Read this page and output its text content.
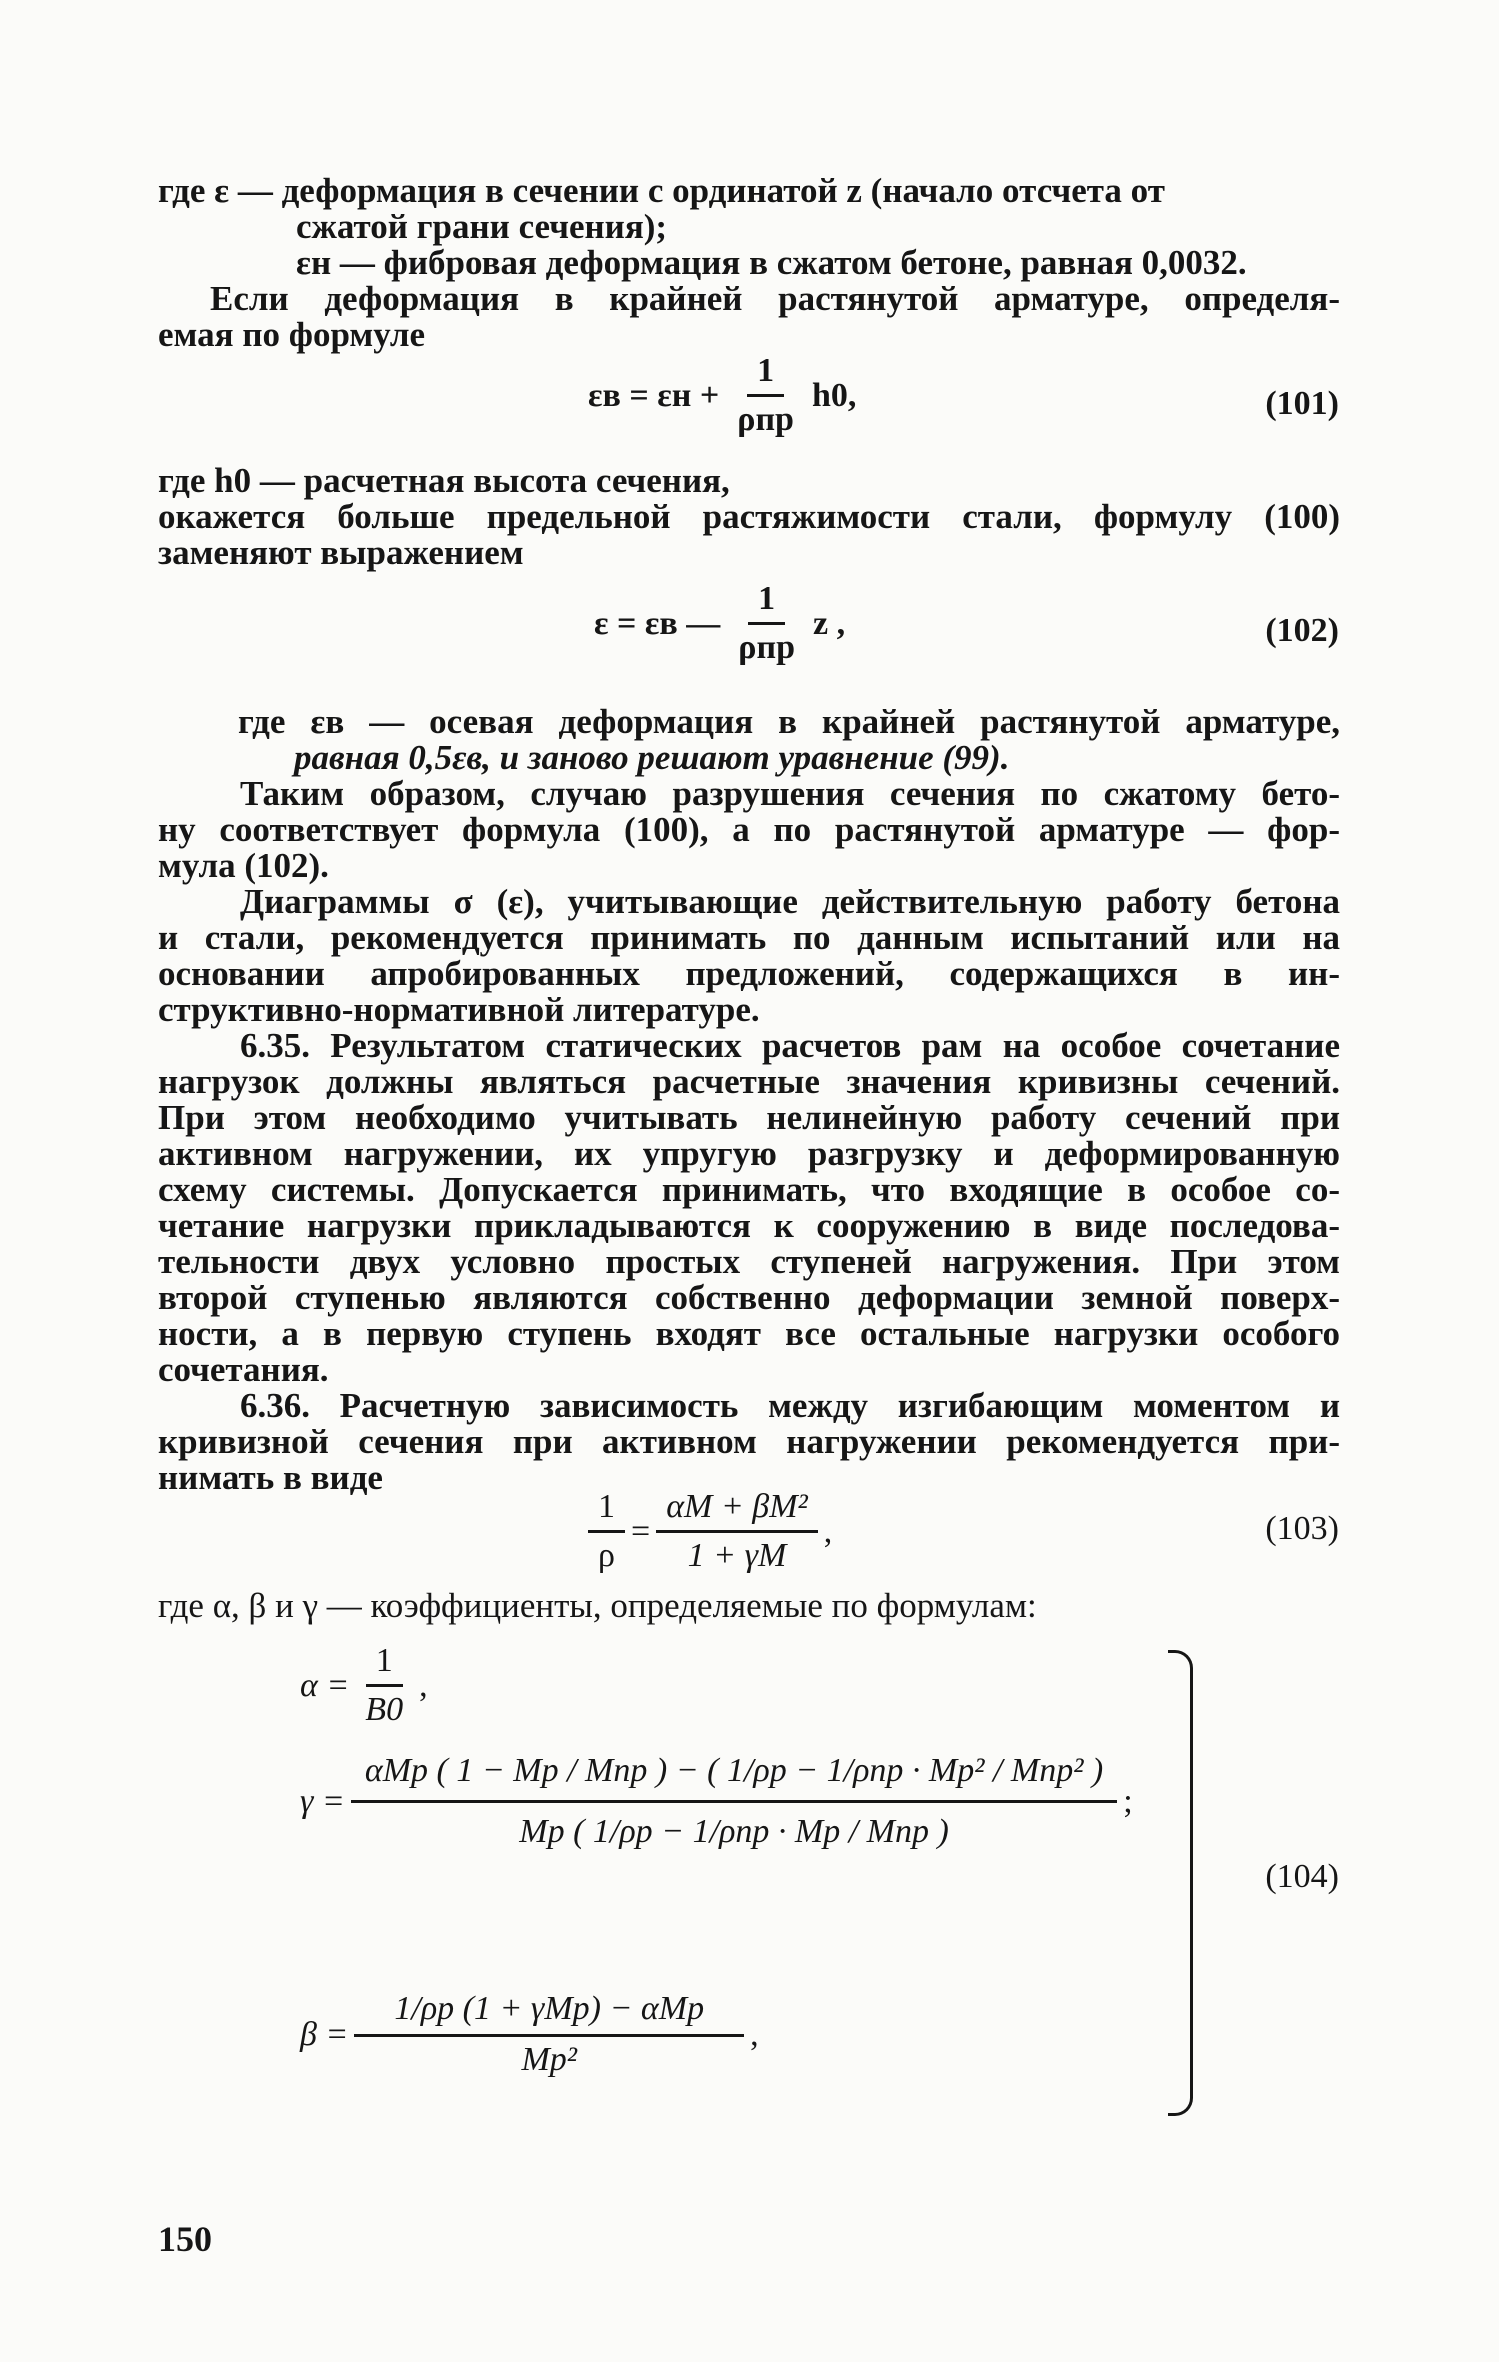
где ε — деформация в сечении с ординатой z (начало отсчета от
сжатой грани сечения);
εн — фибровая деформация в сжатом бетоне, равная 0,0032.
Если деформация в крайней растянутой арматуре, определя-
емая по формуле
$\varepsilon в = \varepsilon н + \frac{1}{\text{ρпр}} h0$,	(101)
где h0 — расчетная высота сечения,
окажется больше предельной растяжимости стали, формулу (100)
заменяют выражением
ε = εв — $\frac{1}{\text{ρпр}}$ z ,	(102)
где εв — осевая деформация в крайней растянутой арматуре,
равная 0,5εв, и заново решают уравнение (99).
Таким образом, случаю разрушения сечения по сжатому бето-
ну соответствует формула (100), а по растянутой арматуре — фор-
мула (102).
Диаграммы σ (ε), учитывающие действительную работу бетона
и стали, рекомендуется принимать по данным испытаний или на
основании апробированных предложений, содержащихся в ин-
структивно-нормативной литературе.
6.35. Результатом статических расчетов рам на особое сочетание
нагрузок должны являться расчетные значения кривизны сечений.
При этом необходимо учитывать нелинейную работу сечений при
активном нагружении, их упругую разгрузку и деформированную
схему системы. Допускается принимать, что входящие в особое со-
четание нагрузки прикладываются к сооружению в виде последова-
тельности двух условно простых ступеней нагружения. При этом
второй ступенью являются собственно деформации земной поверх-
ности, а в первую ступень входят все остальные нагрузки особого
сочетания.
6.36. Расчетную зависимость между изгибающим моментом и
кривизной сечения при активном нагружении рекомендуется при-
нимать в виде
$\frac{1}{\rho} = \frac{\text{αM + βM²}}{1 + \gamma M}$ ,	(103)
где α, β и γ — коэффициенты, определяемые по формулам:
$\alpha = \frac{1}{B0}$ ,
$\gamma = \frac{\text{αMp ( 1 − Mp / Mпр ) − ( 1/ρp − 1/ρпр · Mp² / Mпр² )}}{\text{Mp ( 1/ρp − 1/ρпр · Mp / Mпр )}}$ ;
$\beta = \frac{\text{1/ρp (1 + γMp) − αMp}}{\text{Mp²}}$ ,
(104)
150
